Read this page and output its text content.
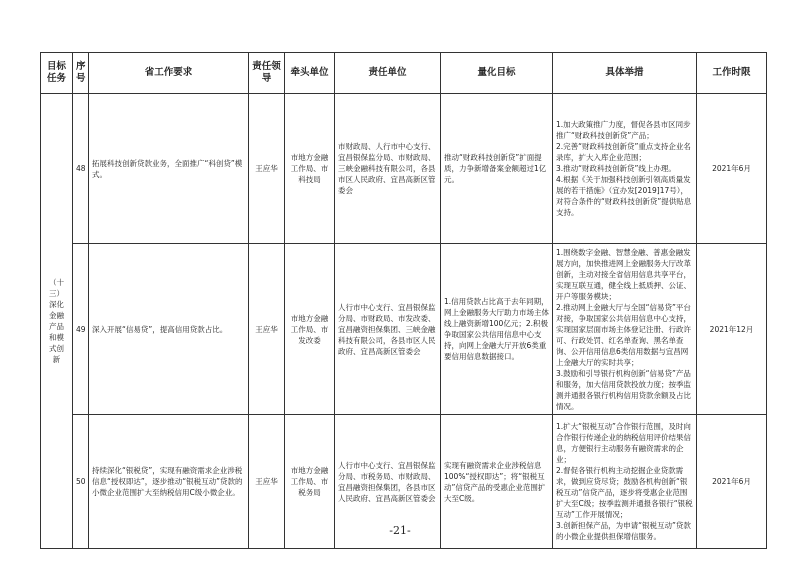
目标任务	序号	省工作要求	责任领导	牵头单位	责任单位	量化目标	具体举措	工作时限
（十三）深化金融产品和模式创新	48	拓展科技创新贷款业务，全面推广“科创贷”模式。	王应华	市地方金融工作局、市科技局	市财政局、人行市中心支行、宜昌银保监分局、市财政局、三峡金融科技有限公司，各县市区人民政府、宜昌高新区管委会	推动“财政科技创新贷”扩面提质，力争新增备案金额超过1亿元。	1.加大政策推广力度，督促各县市区同步推广“财政科技创新贷”产品；
2.完善“财政科技创新贷”重点支持企业名录库，扩大入库企业范围；
3.推动“财政科技创新贷”线上办理。
4.根据《关于加强科技创新引领高质量发展的若干措施》（宜办发[2019]17号），对符合条件的“财政科技创新贷”提供贴息支持。	2021年6月
	49	深入开展“信易贷”，提高信用贷款占比。	王应华	市地方金融工作局、市发改委	人行市中心支行、宜昌银保监分局、市财政局、市发改委、宜昌融资担保集团、三峡金融科技有限公司，各县市区人民政府、宜昌高新区管委会	1.信用贷款占比高于去年同期，网上金融服务大厅助力市场主体线上融资新增100亿元；2.积极争取国家公共信用信息中心支持，向网上金融大厅开放6类重要信用信息数据接口。	1.围绕数字金融、智慧金融、普惠金融发展方向，加快推进网上金融服务大厅改革创新，主动对接全省信用信息共享平台，实现互联互通，健全线上抵质押、公证、开户等服务模块；
2.推动网上金融大厅与全国“信易贷”平台对接，争取国家公共信用信息中心支持，实现国家层面市场主体登记注册、行政许可、行政处罚、红名单查询、黑名单查询、公开信用信息6类信用数据与宜昌网上金融大厅的实时共享；
3.鼓励和引导银行机构创新“信易贷”产品和服务，加大信用贷款投放力度；按季监测并通报各银行机构信用贷款余额及占比情况。	2021年12月
	50	持续深化“银税贷”，实现有融资需求企业涉税信息“授权即达”，逐步推动“银税互动”贷款的小微企业范围扩大至纳税信用C级小微企业。	王应华	市地方金融工作局、市税务局	人行市中心支行、宜昌银保监分局、市税务局、市财政局、宜昌融资担保集团，各县市区人民政府、宜昌高新区管委会	实现有融资需求企业涉税信息100%“授权即达”；将“银税互动”信贷产品的受惠企业范围扩大至C级。	1.扩大“银税互动”合作银行范围，及时向合作银行传递企业的纳税信用评价结果信息，方便银行主动服务有融资需求的企业；
2.督促各银行机构主动挖掘企业贷款需求，做到应贷尽贷；鼓励各机构创新“银税互动”信贷产品，逐步将受惠企业范围扩大至C级；按季监测并通报各银行“银税互动”工作开展情况；
3.创新担保产品，为申请“银税互动”贷款的小微企业提供担保增信服务。	2021年6月
-21-
